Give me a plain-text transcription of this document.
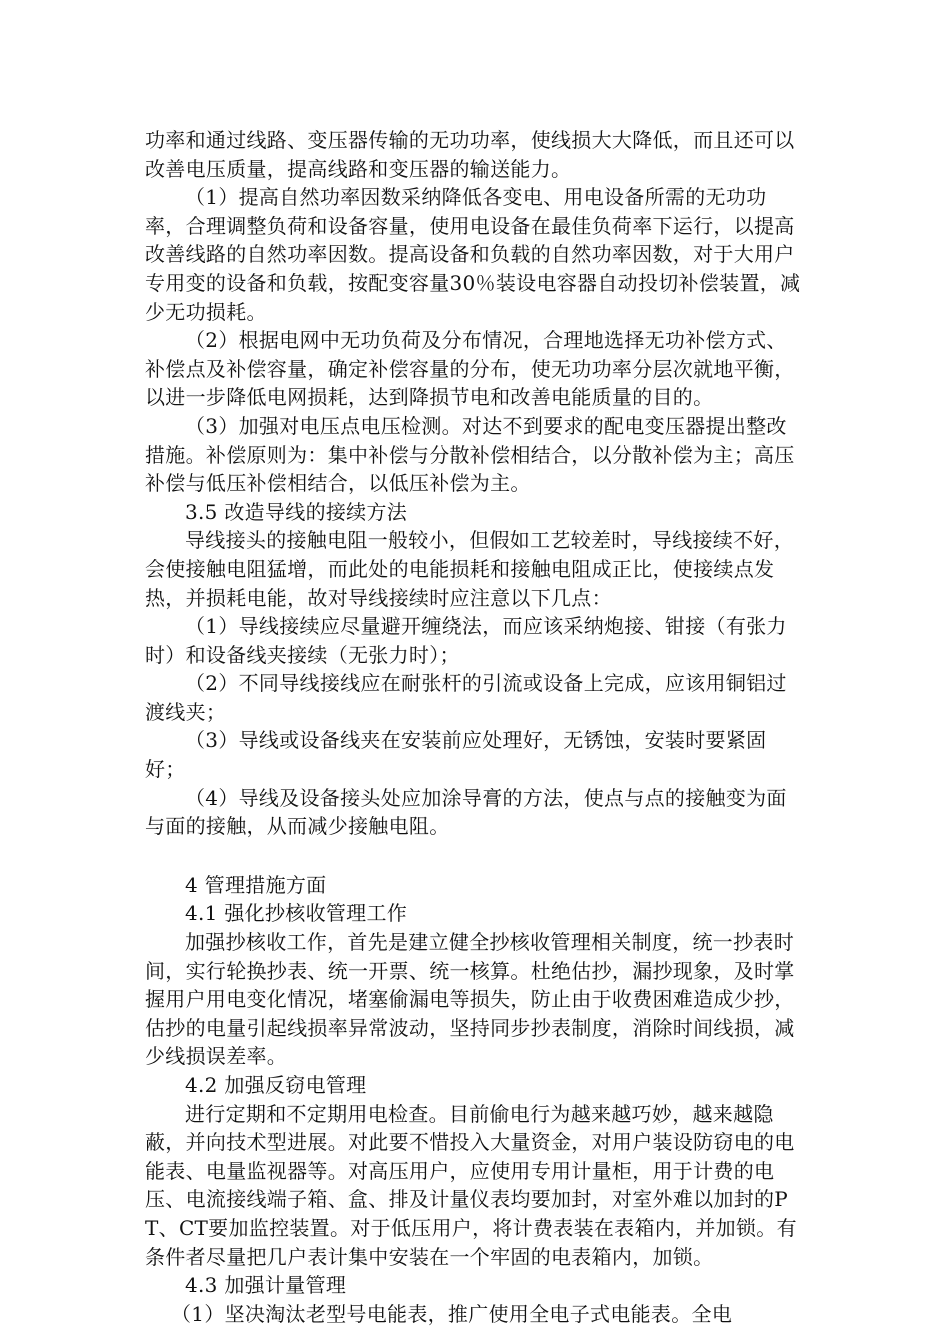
功率和通过线路、变压器传输的无功功率，使线损大大降低，而且还可以改善电压质量，提高线路和变压器的输送能力。

（1）提高自然功率因数采纳降低各变电、用电设备所需的无功功率，合理调整负荷和设备容量，使用电设备在最佳负荷率下运行，以提高改善线路的自然功率因数。提高设备和负载的自然功率因数，对于大用户专用变的设备和负载，按配变容量30％装设电容器自动投切补偿装置，减少无功损耗。

（2）根据电网中无功负荷及分布情况，合理地选择无功补偿方式、补偿点及补偿容量，确定补偿容量的分布，使无功功率分层次就地平衡，以进一步降低电网损耗，达到降损节电和改善电能质量的目的。

（3）加强对电压点电压检测。对达不到要求的配电变压器提出整改措施。补偿原则为：集中补偿与分散补偿相结合，以分散补偿为主；高压补偿与低压补偿相结合，以低压补偿为主。

3.5 改造导线的接续方法

导线接头的接触电阻一般较小，但假如工艺较差时，导线接续不好，会使接触电阻猛增，而此处的电能损耗和接触电阻成正比，使接续点发热，并损耗电能，故对导线接续时应注意以下几点：

（1）导线接续应尽量避开缠绕法，而应该采纳炮接、钳接（有张力时）和设备线夹接续（无张力时）；

（2）不同导线接线应在耐张杆的引流或设备上完成，应该用铜铝过渡线夹；

（3）导线或设备线夹在安装前应处理好，无锈蚀，安装时要紧固好；

（4）导线及设备接头处应加涂导膏的方法，使点与点的接触变为面与面的接触，从而减少接触电阻。

4 管理措施方面

4.1 强化抄核收管理工作

加强抄核收工作，首先是建立健全抄核收管理相关制度，统一抄表时间，实行轮换抄表、统一开票、统一核算。杜绝估抄，漏抄现象，及时掌握用户用电变化情况，堵塞偷漏电等损失，防止由于收费困难造成少抄，估抄的电量引起线损率异常波动，坚持同步抄表制度，消除时间线损，减少线损误差率。

4.2 加强反窃电管理

进行定期和不定期用电检查。目前偷电行为越来越巧妙，越来越隐蔽，并向技术型进展。对此要不惜投入大量资金，对用户装设防窃电的电能表、电量监视器等。对高压用户，应使用专用计量柜，用于计费的电压、电流接线端子箱、盒、排及计量仪表均要加封，对室外难以加封的PT、CT要加监控装置。对于低压用户，将计费表装在表箱内，并加锁。有条件者尽量把几户表计集中安装在一个牢固的电表箱内，加锁。

4.3 加强计量管理

（1）坚决淘汰老型号电能表，推广使用全电子式电能表。全电
